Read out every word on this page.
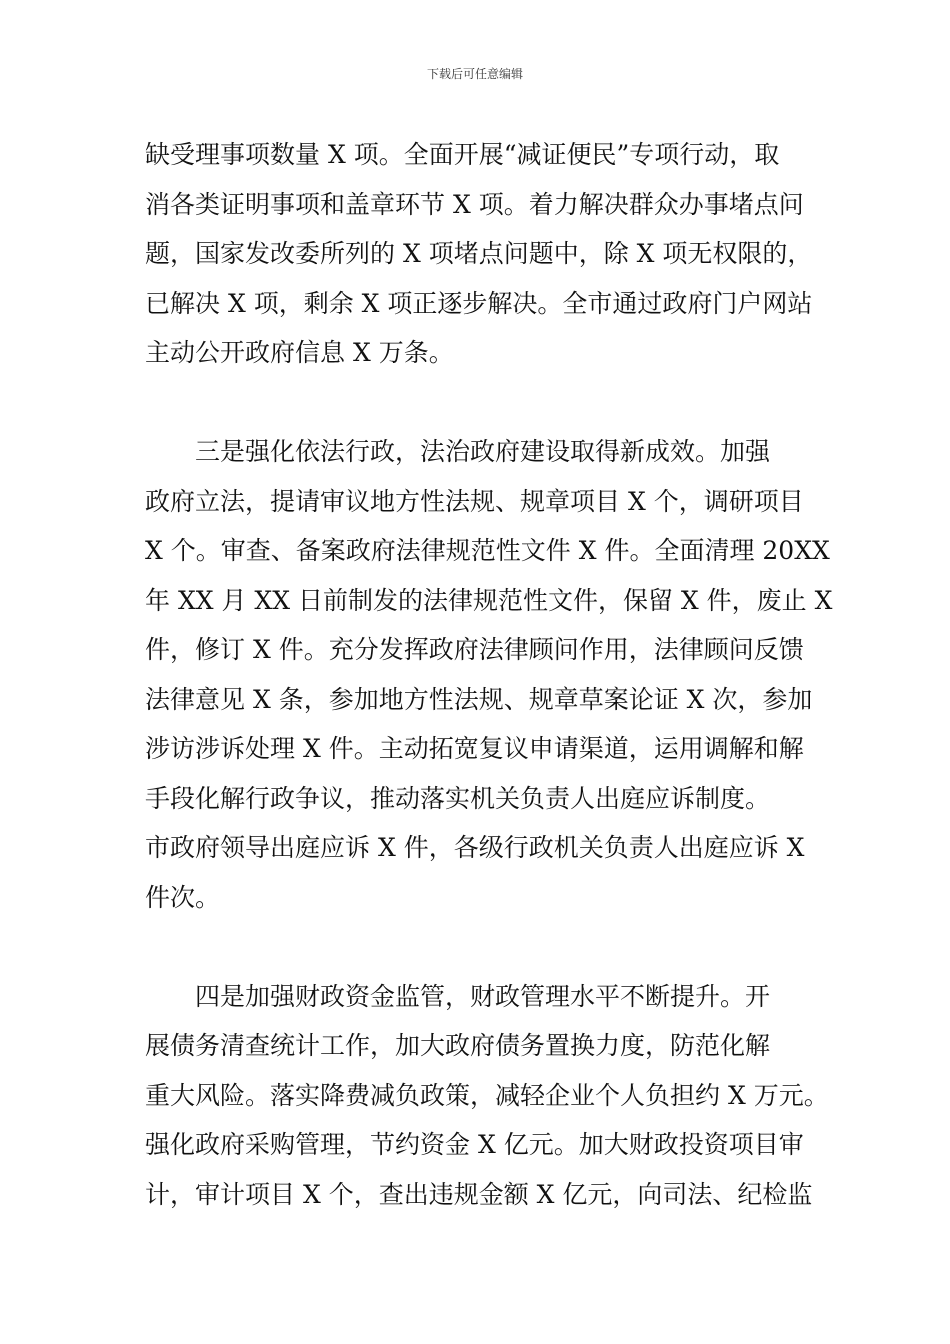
下载后可任意编辑

缺受理事项数量 X 项。全面开展“减证便民”专项行动，取
消各类证明事项和盖章环节 X 项。着力解决群众办事堵点问
题，国家发改委所列的 X 项堵点问题中，除 X 项无权限的，
已解决 X 项，剩余 X 项正逐步解决。全市通过政府门户网站
主动公开政府信息 X 万条。

　　三是强化依法行政，法治政府建设取得新成效。加强
政府立法，提请审议地方性法规、规章项目 X 个，调研项目
X 个。审查、备案政府法律规范性文件 X 件。全面清理 20XX
年 XX 月 XX 日前制发的法律规范性文件，保留 X 件，废止 X
件，修订 X 件。充分发挥政府法律顾问作用，法律顾问反馈
法律意见 X 条，参加地方性法规、规章草案论证 X 次，参加
涉访涉诉处理 X 件。主动拓宽复议申请渠道，运用调解和解
手段化解行政争议，推动落实机关负责人出庭应诉制度。
市政府领导出庭应诉 X 件，各级行政机关负责人出庭应诉 X
件次。

　　四是加强财政资金监管，财政管理水平不断提升。开
展债务清查统计工作，加大政府债务置换力度，防范化解
重大风险。落实降费减负政策，减轻企业个人负担约 X 万元。
强化政府采购管理，节约资金 X 亿元。加大财政投资项目审
计，审计项目 X 个，查出违规金额 X 亿元，向司法、纪检监
